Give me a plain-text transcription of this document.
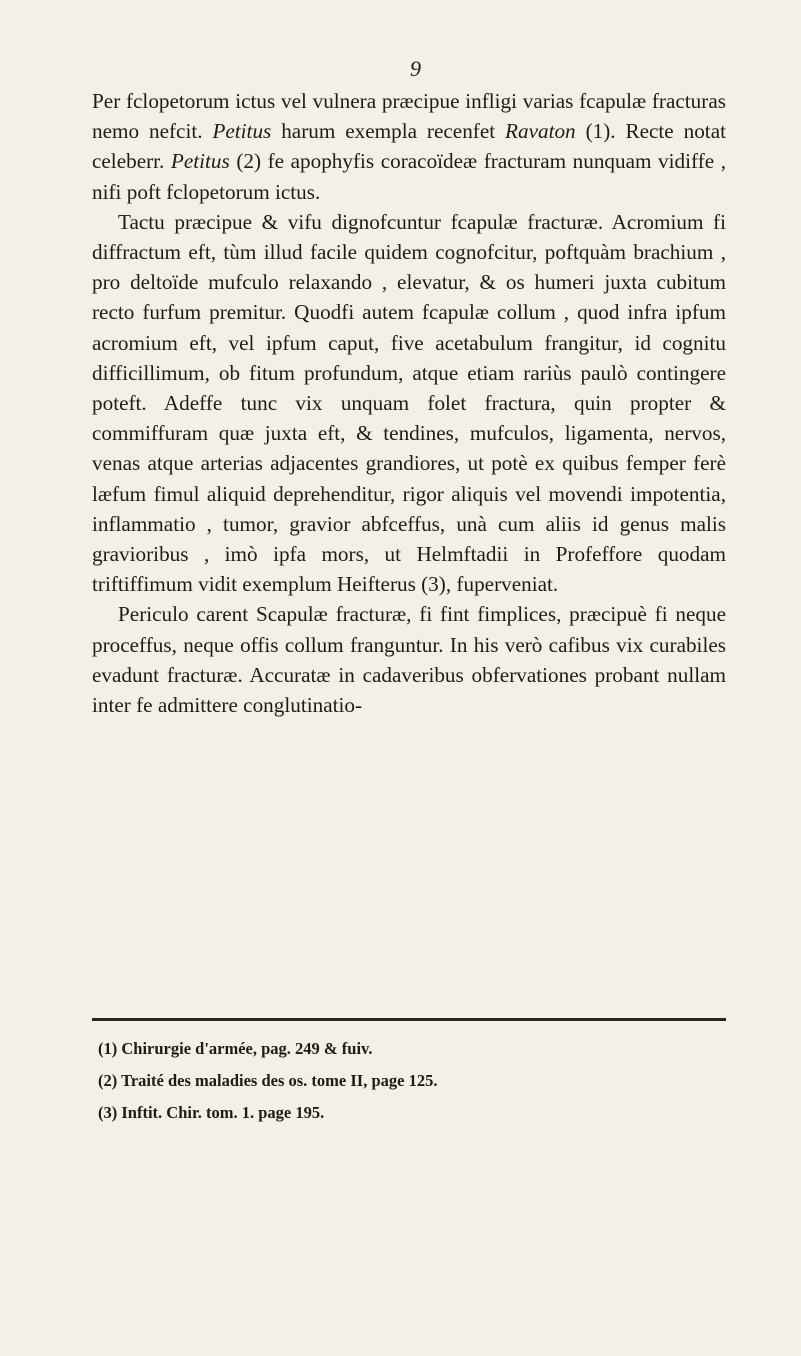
9

Per fclopetorum ictus vel vulnera præcipue infligi varias fcapulæ fracturas nemo nefcit. Petitus harum exempla recenfet Ravaton (1). Recte notat celeberr. Petitus (2) fe apophyfis coracoïdeæ fracturam nunquam vidiffe , nifi poft fclopetorum ictus.

Tactu præcipue & vifu dignofcuntur fcapulæ fracturæ. Acromium fi diffractum eft, tùm illud facile quidem cognofcitur, poftquàm brachium , pro deltoïde mufculo relaxando , elevatur, & os humeri juxta cubitum recto furfum premitur. Quodfi autem fcapulæ collum , quod infra ipfum acromium eft, vel ipfum caput, five acetabulum frangitur, id cognitu difficillimum, ob fitum profundum, atque etiam rariùs paulò contingere poteft. Adeffe tunc vix unquam folet fractura, quin propter & commiffuram quæ juxta eft, & tendines, mufculos, ligamenta, nervos, venas atque arterias adjacentes grandiores, ut potè ex quibus femper ferè læfum fimul aliquid deprehenditur, rigor aliquis vel movendi impotentia, inflammatio , tumor, gravior abfceffus, unà cum aliis id genus malis gravioribus , imò ipfa mors, ut Helmftadii in Profeffore quodam triftiffimum vidit exemplum Heifterus (3), fuperveniat.

Periculo carent Scapulæ fracturæ, fi fint fimplices, præcipuè fi neque proceffus, neque offis collum franguntur. In his verò cafibus vix curabiles evadunt fracturæ. Accuratæ in cadaveribus obfervationes probant nullam inter fe admittere conglutinatio-

(1) Chirurgie d'armée, pag. 249 & fuiv.

(2) Traité des maladies des os. tome II, page 125.

(3) Inftit. Chir. tom. 1. page 195.
